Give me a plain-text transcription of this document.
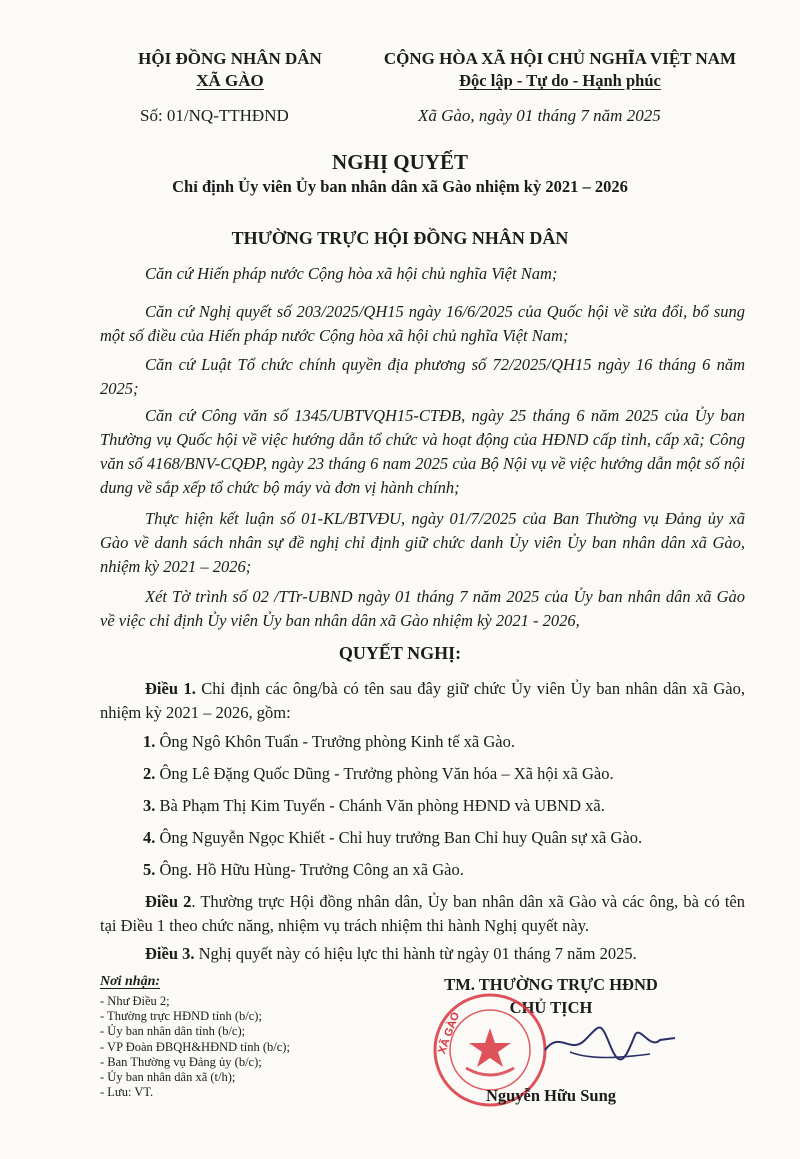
HỘI ĐỒNG NHÂN DÂN
XÃ GÀO
CỘNG HÒA XÃ HỘI CHỦ NGHĨA VIỆT NAM
Độc lập - Tự do - Hạnh phúc
Số: 01/NQ-TTHĐND	Xã Gào, ngày 01 tháng 7 năm 2025
NGHỊ QUYẾT
Chỉ định Ủy viên Ủy ban nhân dân xã Gào nhiệm kỳ 2021 – 2026
THƯỜNG TRỰC HỘI ĐỒNG NHÂN DÂN
Căn cứ Hiến pháp nước Cộng hòa xã hội chủ nghĩa Việt Nam;
Căn cứ Nghị quyết số 203/2025/QH15 ngày 16/6/2025 của Quốc hội về sửa đổi, bổ sung một số điều của Hiến pháp nước Cộng hòa xã hội chủ nghĩa Việt Nam;
Căn cứ Luật Tổ chức chính quyền địa phương số 72/2025/QH15 ngày 16 tháng 6 năm 2025;
Căn cứ Công văn số 1345/UBTVQH15-CTĐB, ngày 25 tháng 6 năm 2025 của Ủy ban Thường vụ Quốc hội về việc hướng dẫn tổ chức và hoạt động của HĐND cấp tỉnh, cấp xã; Công văn số 4168/BNV-CQĐP, ngày 23 tháng 6 nam 2025 của Bộ Nội vụ về việc hướng dẫn một số nội dung về sắp xếp tổ chức bộ máy và đơn vị hành chính;
Thực hiện kết luận số 01-KL/BTVĐU, ngày 01/7/2025 của Ban Thường vụ Đảng ủy xã Gào về danh sách nhân sự đề nghị chỉ định giữ chức danh Ủy viên Ủy ban nhân dân xã Gào, nhiệm kỳ 2021 – 2026;
Xét Tờ trình số 02 /TTr-UBND ngày 01 tháng 7 năm 2025 của Ủy ban nhân dân xã Gào về việc chỉ định Ủy viên Ủy ban nhân dân xã Gào nhiệm kỳ 2021 - 2026,
QUYẾT NGHỊ:
Điều 1. Chỉ định các ông/bà có tên sau đây giữ chức Ủy viên Ủy ban nhân dân xã Gào, nhiệm kỳ 2021 – 2026, gồm:
1. Ông Ngô Khôn Tuấn - Trưởng phòng Kinh tế xã Gào.
2. Ông Lê Đặng Quốc Dũng - Trưởng phòng Văn hóa – Xã hội xã Gào.
3. Bà Phạm Thị Kim Tuyến - Chánh Văn phòng HĐND và UBND xã.
4. Ông Nguyễn Ngọc Khiết - Chỉ huy trưởng Ban Chỉ huy Quân sự xã Gào.
5. Ông. Hồ Hữu Hùng- Trưởng Công an xã Gào.
Điều 2. Thường trực Hội đồng nhân dân, Ủy ban nhân dân xã Gào và các ông, bà có tên tại Điều 1 theo chức năng, nhiệm vụ trách nhiệm thi hành Nghị quyết này.
Điều 3. Nghị quyết này có hiệu lực thi hành từ ngày 01 tháng 7 năm 2025.
Nơi nhận:
- Như Điều 2;
- Thường trực HĐND tỉnh (b/c);
- Ủy ban nhân dân tỉnh (b/c);
- VP Đoàn ĐBQH&HĐND tỉnh (b/c);
- Ban Thường vụ Đảng ủy (b/c);
- Ủy ban nhân dân xã (t/h);
- Lưu: VT.
TM. THƯỜNG TRỰC HĐND
CHỦ TỊCH
XÃ GÀO
Nguyễn Hữu Sung
